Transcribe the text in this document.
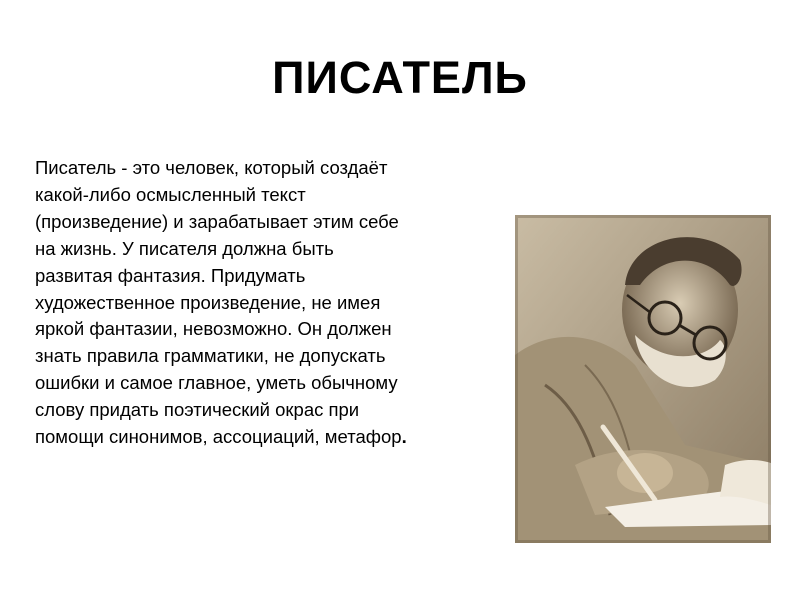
ПИСАТЕЛЬ

Писатель - это человек, который создаёт
какой-либо осмысленный текст
(произведение) и зарабатывает этим себе
на жизнь. У писателя должна быть
развитая фантазия. Придумать
художественное произведение, не имея
яркой фантазии, невозможно. Он должен
знать правила грамматики, не допускать
ошибки и самое главное, уметь обычному
слову придать поэтический окрас при
помощи синонимов, ассоциаций, метафор.
